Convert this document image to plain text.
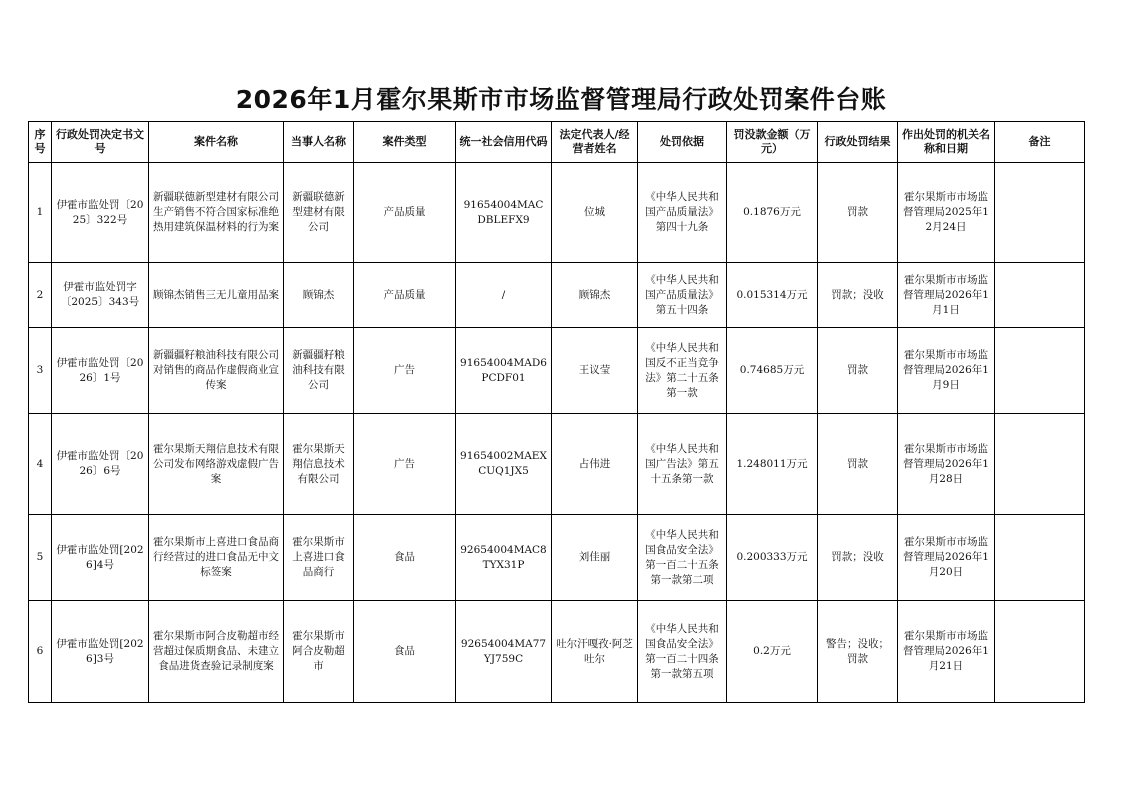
2026年1月霍尔果斯市市场监督管理局行政处罚案件台账
序号	行政处罚决定书文号	案件名称	当事人名称	案件类型	统一社会信用代码	法定代表人/经营者姓名	处罚依据	罚没款金额（万元）	行政处罚结果	作出处罚的机关名称和日期	备注
1	伊霍市监处罚〔2025〕322号	新疆联德新型建材有限公司生产销售不符合国家标准绝热用建筑保温材料的行为案	新疆联德新型建材有限公司	产品质量	91654004MACDBLEFX9	位城	《中华人民共和国产品质量法》第四十九条	0.1876万元	罚款	霍尔果斯市市场监督管理局2025年12月24日	
2	伊霍市监处罚字〔2025〕343号	顾锦杰销售三无儿童用品案	顾锦杰	产品质量	/	顾锦杰	《中华人民共和国产品质量法》第五十四条	0.015314万元	罚款；没收	霍尔果斯市市场监督管理局2026年1月1日	
3	伊霍市监处罚〔2026〕1号	新疆疆籽粮油科技有限公司对销售的商品作虚假商业宣传案	新疆疆籽粮油科技有限公司	广告	91654004MAD6PCDF01	王议莹	《中华人民共和国反不正当竞争法》第二十五条第一款	0.74685万元	罚款	霍尔果斯市市场监督管理局2026年1月9日	
4	伊霍市监处罚〔2026〕6号	霍尔果斯天翔信息技术有限公司发布网络游戏虚假广告案	霍尔果斯天翔信息技术有限公司	广告	91654002MAEXCUQ1JX5	占伟进	《中华人民共和国广告法》第五十五条第一款	1.248011万元	罚款	霍尔果斯市市场监督管理局2026年1月28日	
5	伊霍市监处罚[2026]4号	霍尔果斯市上喜进口食品商行经营过的进口食品无中文标签案	霍尔果斯市上喜进口食品商行	食品	92654004MAC8TYX31P	刘佳丽	《中华人民共和国食品安全法》第一百二十五条第一款第二项	0.200333万元	罚款；没收	霍尔果斯市市场监督管理局2026年1月20日	
6	伊霍市监处罚[2026]3号	霍尔果斯市阿合皮勒超市经营超过保质期食品、未建立食品进货查验记录制度案	霍尔果斯市阿合皮勒超市	食品	92654004MA77YJ759C	吐尔汗嘎孜·阿芝吐尔	《中华人民共和国食品安全法》第一百二十四条第一款第五项	0.2万元	警告；没收；罚款	霍尔果斯市市场监督管理局2026年1月21日	
